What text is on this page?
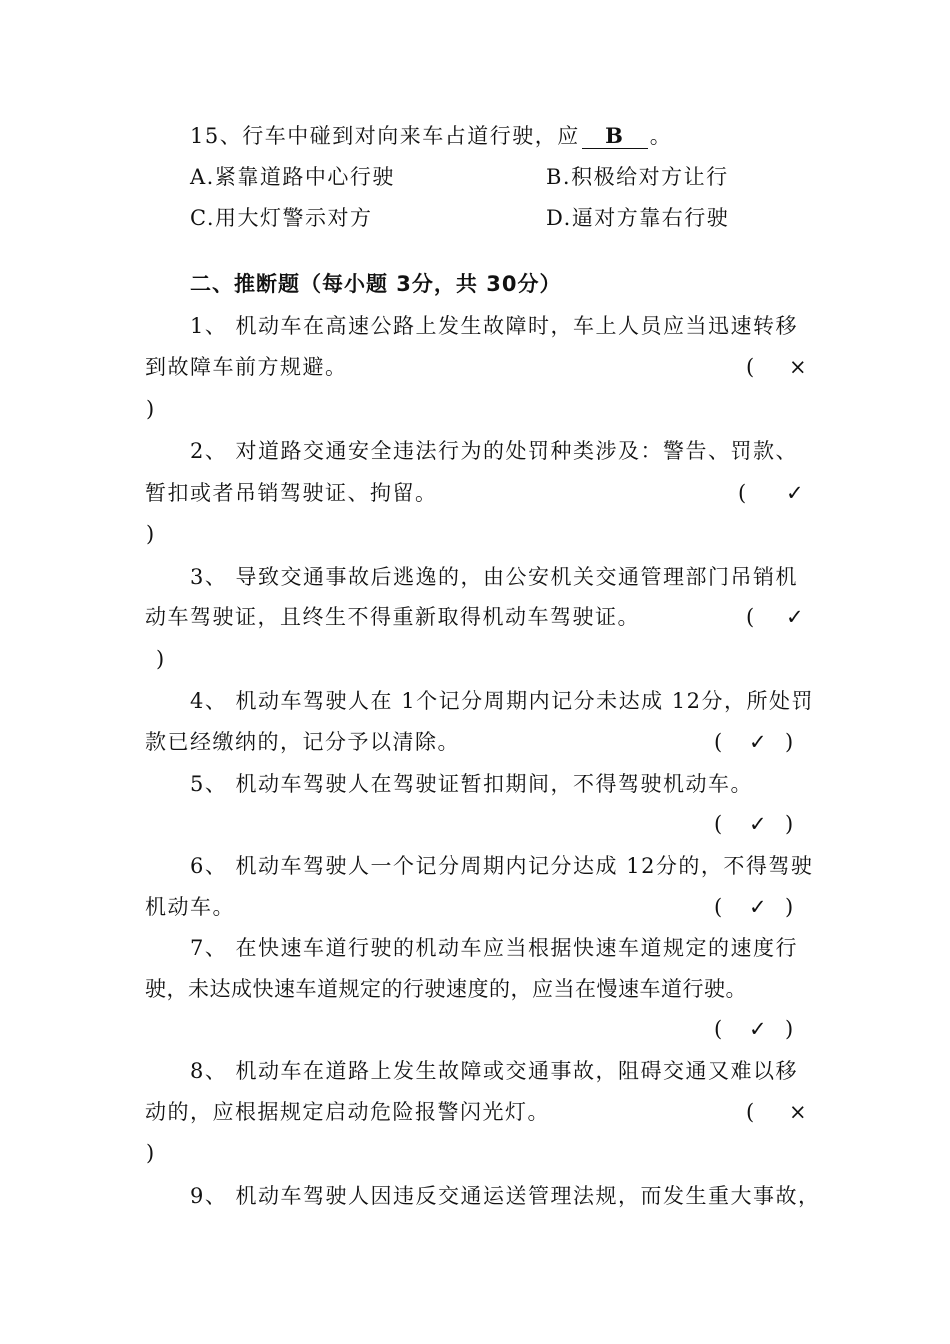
15、行车中碰到对向来车占道行驶，应 B 。
A.紧靠道路中心行驶	B.积极给对方让行
C.用大灯警示对方	D.逼对方靠右行驶
二、推断题（每小题 3分，共 30分）
1、 机动车在高速公路上发生故障时，车上人员应当迅速转移
到故障车前方规避。	( ×
)
2、 对道路交通安全违法行为的处罚种类涉及：警告、罚款、
暂扣或者吊销驾驶证、拘留。	( ✓
)
3、 导致交通事故后逃逸的，由公安机关交通管理部门吊销机
动车驾驶证，且终生不得重新取得机动车驾驶证。	( ✓
)
4、 机动车驾驶人在 1个记分周期内记分未达成 12分，所处罚
款已经缴纳的，记分予以清除。	( ✓ )
5、 机动车驾驶人在驾驶证暂扣期间，不得驾驶机动车。
( ✓ )
6、 机动车驾驶人一个记分周期内记分达成 12分的，不得驾驶
机动车。	( ✓ )
7、 在快速车道行驶的机动车应当根据快速车道规定的速度行
驶，未达成快速车道规定的行驶速度的，应当在慢速车道行驶。
( ✓ )
8、 机动车在道路上发生故障或交通事故，阻碍交通又难以移
动的，应根据规定启动危险报警闪光灯。	( ×
)
9、 机动车驾驶人因违反交通运送管理法规，而发生重大事故，
